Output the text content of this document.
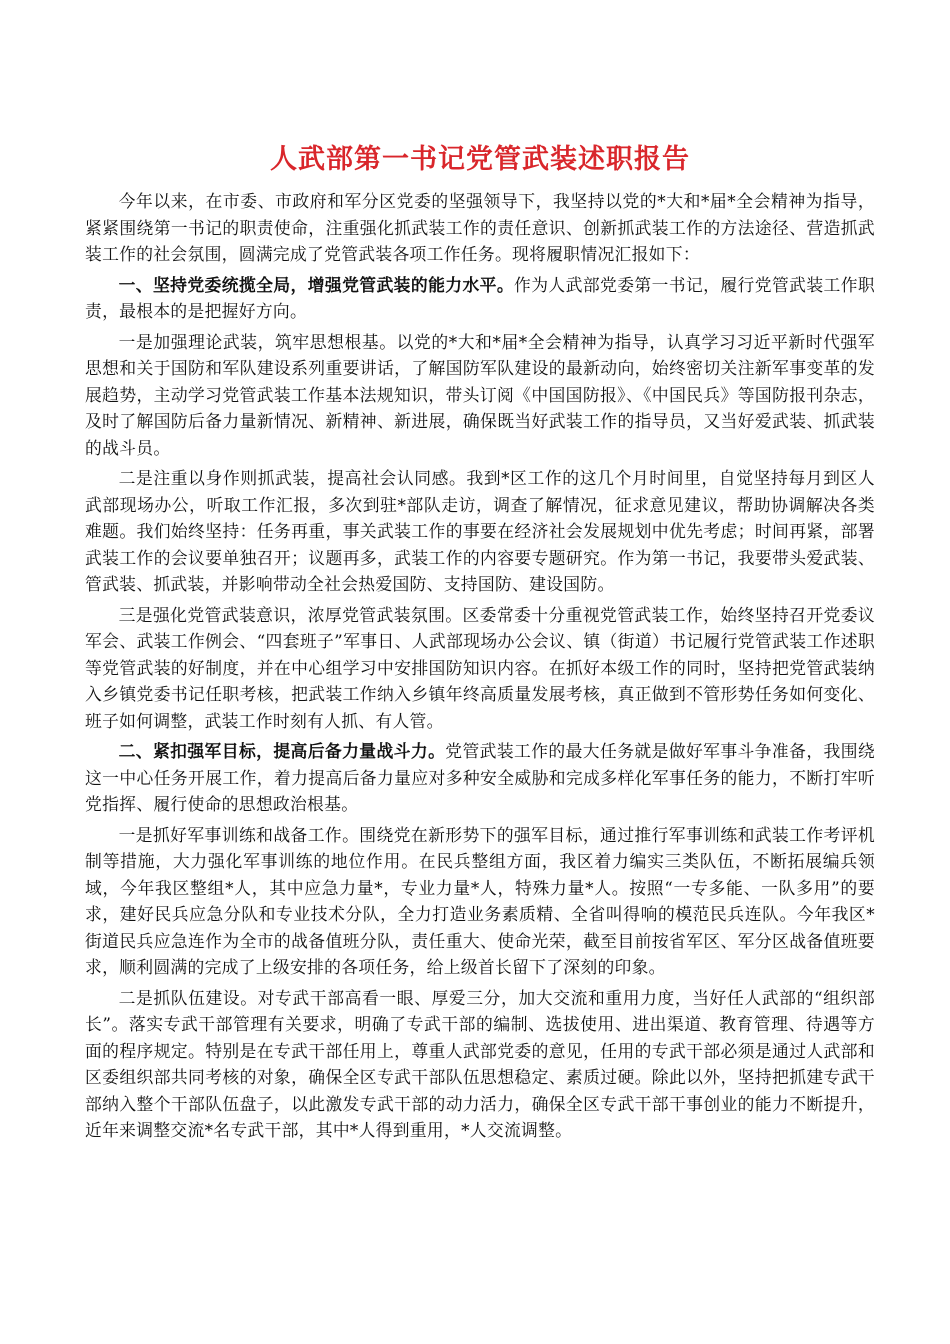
人武部第一书记党管武装述职报告

今年以来，在市委、市政府和军分区党委的坚强领导下，我坚持以党的*大和*届*全会精神为指导，紧紧围绕第一书记的职责使命，注重强化抓武装工作的责任意识、创新抓武装工作的方法途径、营造抓武装工作的社会氛围，圆满完成了党管武装各项工作任务。现将履职情况汇报如下：

一、坚持党委统揽全局，增强党管武装的能力水平。作为人武部党委第一书记，履行党管武装工作职责，最根本的是把握好方向。

一是加强理论武装，筑牢思想根基。以党的*大和*届*全会精神为指导，认真学习习近平新时代强军思想和关于国防和军队建设系列重要讲话，了解国防军队建设的最新动向，始终密切关注新军事变革的发展趋势，主动学习党管武装工作基本法规知识，带头订阅《中国国防报》、《中国民兵》等国防报刊杂志，及时了解国防后备力量新情况、新精神、新进展，确保既当好武装工作的指导员，又当好爱武装、抓武装的战斗员。

二是注重以身作则抓武装，提高社会认同感。我到*区工作的这几个月时间里，自觉坚持每月到区人武部现场办公，听取工作汇报，多次到驻*部队走访，调查了解情况，征求意见建议，帮助协调解决各类难题。我们始终坚持：任务再重，事关武装工作的事要在经济社会发展规划中优先考虑；时间再紧，部署武装工作的会议要单独召开；议题再多，武装工作的内容要专题研究。作为第一书记，我要带头爱武装、管武装、抓武装，并影响带动全社会热爱国防、支持国防、建设国防。

三是强化党管武装意识，浓厚党管武装氛围。区委常委十分重视党管武装工作，始终坚持召开党委议军会、武装工作例会、“四套班子”军事日、人武部现场办公会议、镇（街道）书记履行党管武装工作述职等党管武装的好制度，并在中心组学习中安排国防知识内容。在抓好本级工作的同时，坚持把党管武装纳入乡镇党委书记任职考核，把武装工作纳入乡镇年终高质量发展考核，真正做到不管形势任务如何变化、班子如何调整，武装工作时刻有人抓、有人管。

二、紧扣强军目标，提高后备力量战斗力。党管武装工作的最大任务就是做好军事斗争准备，我围绕这一中心任务开展工作，着力提高后备力量应对多种安全威胁和完成多样化军事任务的能力，不断打牢听党指挥、履行使命的思想政治根基。

一是抓好军事训练和战备工作。围绕党在新形势下的强军目标，通过推行军事训练和武装工作考评机制等措施，大力强化军事训练的地位作用。在民兵整组方面，我区着力编实三类队伍，不断拓展编兵领域，今年我区整组*人，其中应急力量*，专业力量*人，特殊力量*人。按照“一专多能、一队多用”的要求，建好民兵应急分队和专业技术分队，全力打造业务素质精、全省叫得响的模范民兵连队。今年我区*街道民兵应急连作为全市的战备值班分队，责任重大、使命光荣，截至目前按省军区、军分区战备值班要求，顺利圆满的完成了上级安排的各项任务，给上级首长留下了深刻的印象。

二是抓队伍建设。对专武干部高看一眼、厚爱三分，加大交流和重用力度，当好任人武部的“组织部长”。落实专武干部管理有关要求，明确了专武干部的编制、选拔使用、进出渠道、教育管理、待遇等方面的程序规定。特别是在专武干部任用上，尊重人武部党委的意见，任用的专武干部必须是通过人武部和区委组织部共同考核的对象，确保全区专武干部队伍思想稳定、素质过硬。除此以外，坚持把抓建专武干部纳入整个干部队伍盘子，以此激发专武干部的动力活力，确保全区专武干部干事创业的能力不断提升，近年来调整交流*名专武干部，其中*人得到重用，*人交流调整。
